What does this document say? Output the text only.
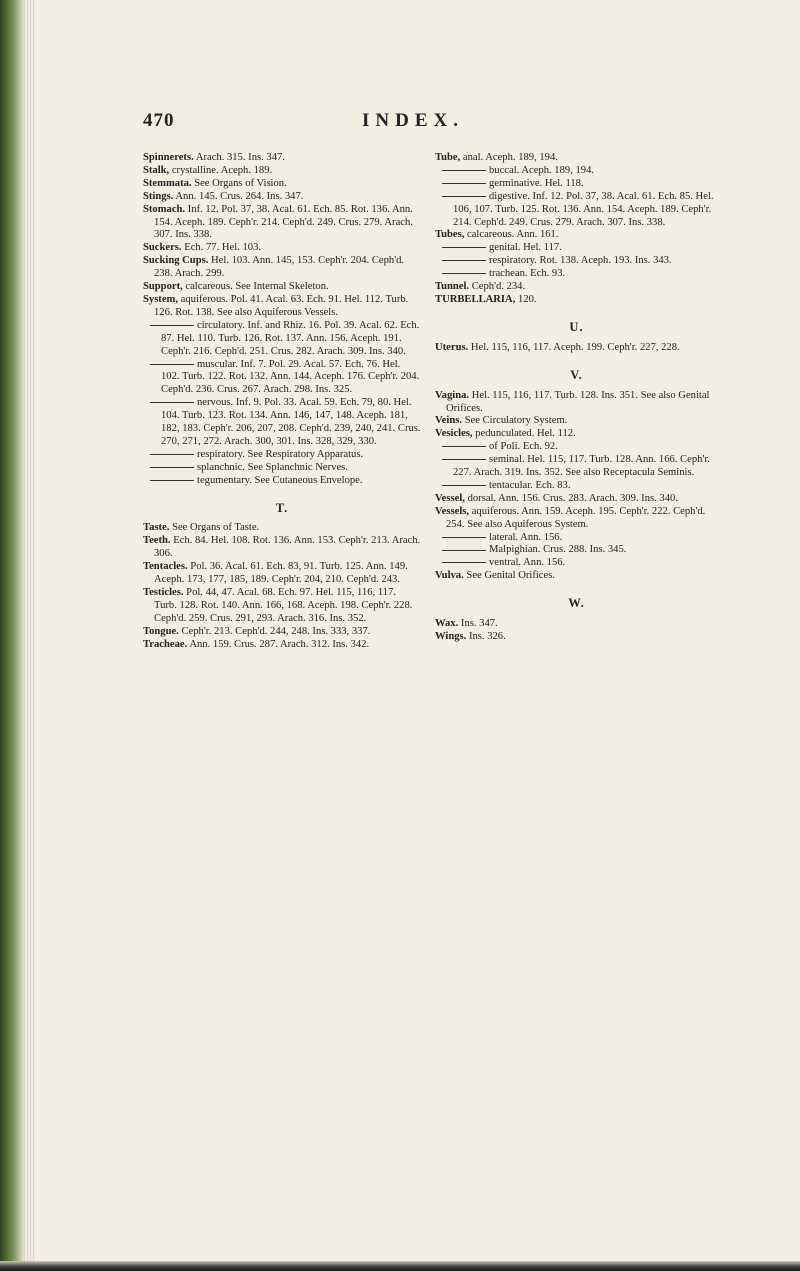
470	INDEX.

Spinnerets. Arach. 315. Ins. 347.

Stalk, crystalline. Aceph. 189.

Stemmata. See Organs of Vision.

Stings. Ann. 145. Crus. 264. Ins. 347.

Stomach. Inf. 12. Pol. 37, 38. Acal. 61. Ech. 85. Rot. 136. Ann. 154. Aceph. 189. Ceph'r. 214. Ceph'd. 249. Crus. 279. Arach. 307. Ins. 338.

Suckers. Ech. 77. Hel. 103.

Sucking Cups. Hel. 103. Ann. 145, 153. Ceph'r. 204. Ceph'd. 238. Arach. 299.

Support, calcareous. See Internal Skeleton.

System, aquiferous. Pol. 41. Acal. 63. Ech. 91. Hel. 112. Turb. 126. Rot. 138. See also Aquiferous Vessels.

circulatory. Inf. and Rhiz. 16. Pol. 39. Acal. 62. Ech. 87. Hel. 110. Turb. 126. Rot. 137. Ann. 156. Aceph. 191. Ceph'r. 216. Ceph'd. 251. Crus. 282. Arach. 309. Ins. 340.

muscular. Inf. 7. Pol. 29. Acal. 57. Ech. 76. Hel. 102. Turb. 122. Rot. 132. Ann. 144. Aceph. 176. Ceph'r. 204. Ceph'd. 236. Crus. 267. Arach. 298. Ins. 325.

nervous. Inf. 9. Pol. 33. Acal. 59. Ech. 79, 80. Hel. 104. Turb. 123. Rot. 134. Ann. 146, 147, 148. Aceph. 181, 182, 183. Ceph'r. 206, 207, 208. Ceph'd. 239, 240, 241. Crus. 270, 271, 272. Arach. 300, 301. Ins. 328, 329, 330.

respiratory. See Respiratory Apparatus.

splanchnic. See Splanchnic Nerves.

tegumentary. See Cutaneous Envelope.

T.

Taste. See Organs of Taste.

Teeth. Ech. 84. Hel. 108. Rot. 136. Ann. 153. Ceph'r. 213. Arach. 306.

Tentacles. Pol. 36. Acal. 61. Ech. 83, 91. Turb. 125. Ann. 149. Aceph. 173, 177, 185, 189. Ceph'r. 204, 210. Ceph'd. 243.

Testicles. Pol. 44, 47. Acal. 68. Ech. 97. Hel. 115, 116, 117. Turb. 128. Rot. 140. Ann. 166, 168. Aceph. 198. Ceph'r. 228. Ceph'd. 259. Crus. 291, 293. Arach. 316. Ins. 352.

Tongue. Ceph'r. 213. Ceph'd. 244, 248. Ins. 333, 337.

Tracheae. Ann. 159. Crus. 287. Arach. 312. Ins. 342.

Tube, anal. Aceph. 189, 194.

buccal. Aceph. 189, 194.

germinative. Hel. 118.

digestive. Inf. 12. Pol. 37, 38. Acal. 61. Ech. 85. Hel. 106, 107. Turb. 125. Rot. 136. Ann. 154. Aceph. 189. Ceph'r. 214. Ceph'd. 249. Crus. 279. Arach. 307. Ins. 338.

Tubes, calcareous. Ann. 161.

genital. Hel. 117.

respiratory. Rot. 138. Aceph. 193. Ins. 343.

trachean. Ech. 93.

Tunnel. Ceph'd. 234.

TURBELLARIA, 120.

U.

Uterus. Hel. 115, 116, 117. Aceph. 199. Ceph'r. 227, 228.

V.

Vagina. Hel. 115, 116, 117. Turb. 128. Ins. 351. See also Genital Orifices.

Veins. See Circulatory System.

Vesicles, pedunculated. Hel. 112.

of Poli. Ech. 92.

seminal. Hel. 115, 117. Turb. 128. Ann. 166. Ceph'r. 227. Arach. 319. Ins. 352. See also Receptacula Seminis.

tentacular. Ech. 83.

Vessel, dorsal. Ann. 156. Crus. 283. Arach. 309. Ins. 340.

Vessels, aquiferous. Ann. 159. Aceph. 195. Ceph'r. 222. Ceph'd. 254. See also Aquiferous System.

lateral. Ann. 156.

Malpighian. Crus. 288. Ins. 345.

ventral. Ann. 156.

Vulva. See Genital Orifices.

W.

Wax. Ins. 347.

Wings. Ins. 326.
